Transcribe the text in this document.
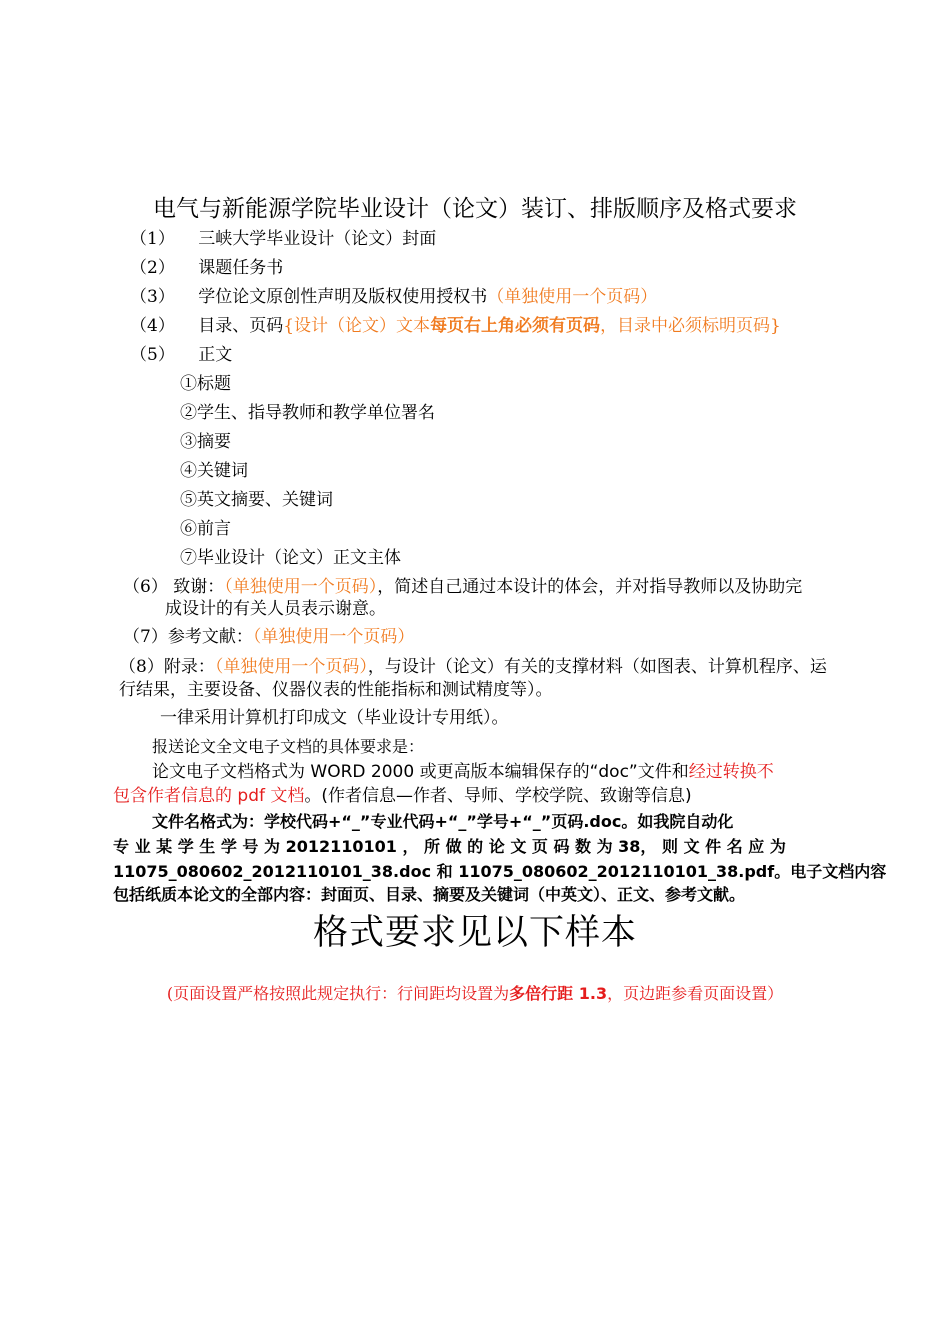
电气与新能源学院毕业设计（论文）装订、排版顺序及格式要求
（1） 三峡大学毕业设计（论文）封面
（2） 课题任务书
（3） 学位论文原创性声明及版权使用授权书（单独使用一个页码）
（4） 目录、页码{设计（论文）文本每页右上角必须有页码，目录中必须标明页码}
（5） 正文
①标题
②学生、指导教师和教学单位署名
③摘要
④关键词
⑤英文摘要、关键词
⑥前言
⑦毕业设计（论文）正文主体
（6） 致谢：（单独使用一个页码），简述自己通过本设计的体会，并对指导教师以及协助完
成设计的有关人员表示谢意。
（7）参考文献：（单独使用一个页码）
（8）附录：（单独使用一个页码），与设计（论文）有关的支撑材料（如图表、计算机程序、运
行结果，主要设备、仪器仪表的性能指标和测试精度等）。
一律采用计算机打印成文（毕业设计专用纸）。
报送论文全文电子文档的具体要求是：
论文电子文档格式为 WORD 2000 或更高版本编辑保存的“doc”文件和经过转换不
包含作者信息的 pdf 文档。(作者信息—作者、导师、学校学院、致谢等信息)
文件名格式为：学校代码+“_”专业代码+“_”学号+“_”页码.doc。如我院自动化
专 业 某 学 生 学 号 为 2012110101 ， 所 做 的 论 文 页 码 数 为 38， 则 文 件 名 应 为
11075_080602_2012110101_38.doc 和 11075_080602_2012110101_38.pdf。电子文档内容
包括纸质本论文的全部内容：封面页、目录、摘要及关键词（中英文）、正文、参考文献。
格式要求见以下样本
(页面设置严格按照此规定执行：行间距均设置为多倍行距 1.3，页边距参看页面设置）
